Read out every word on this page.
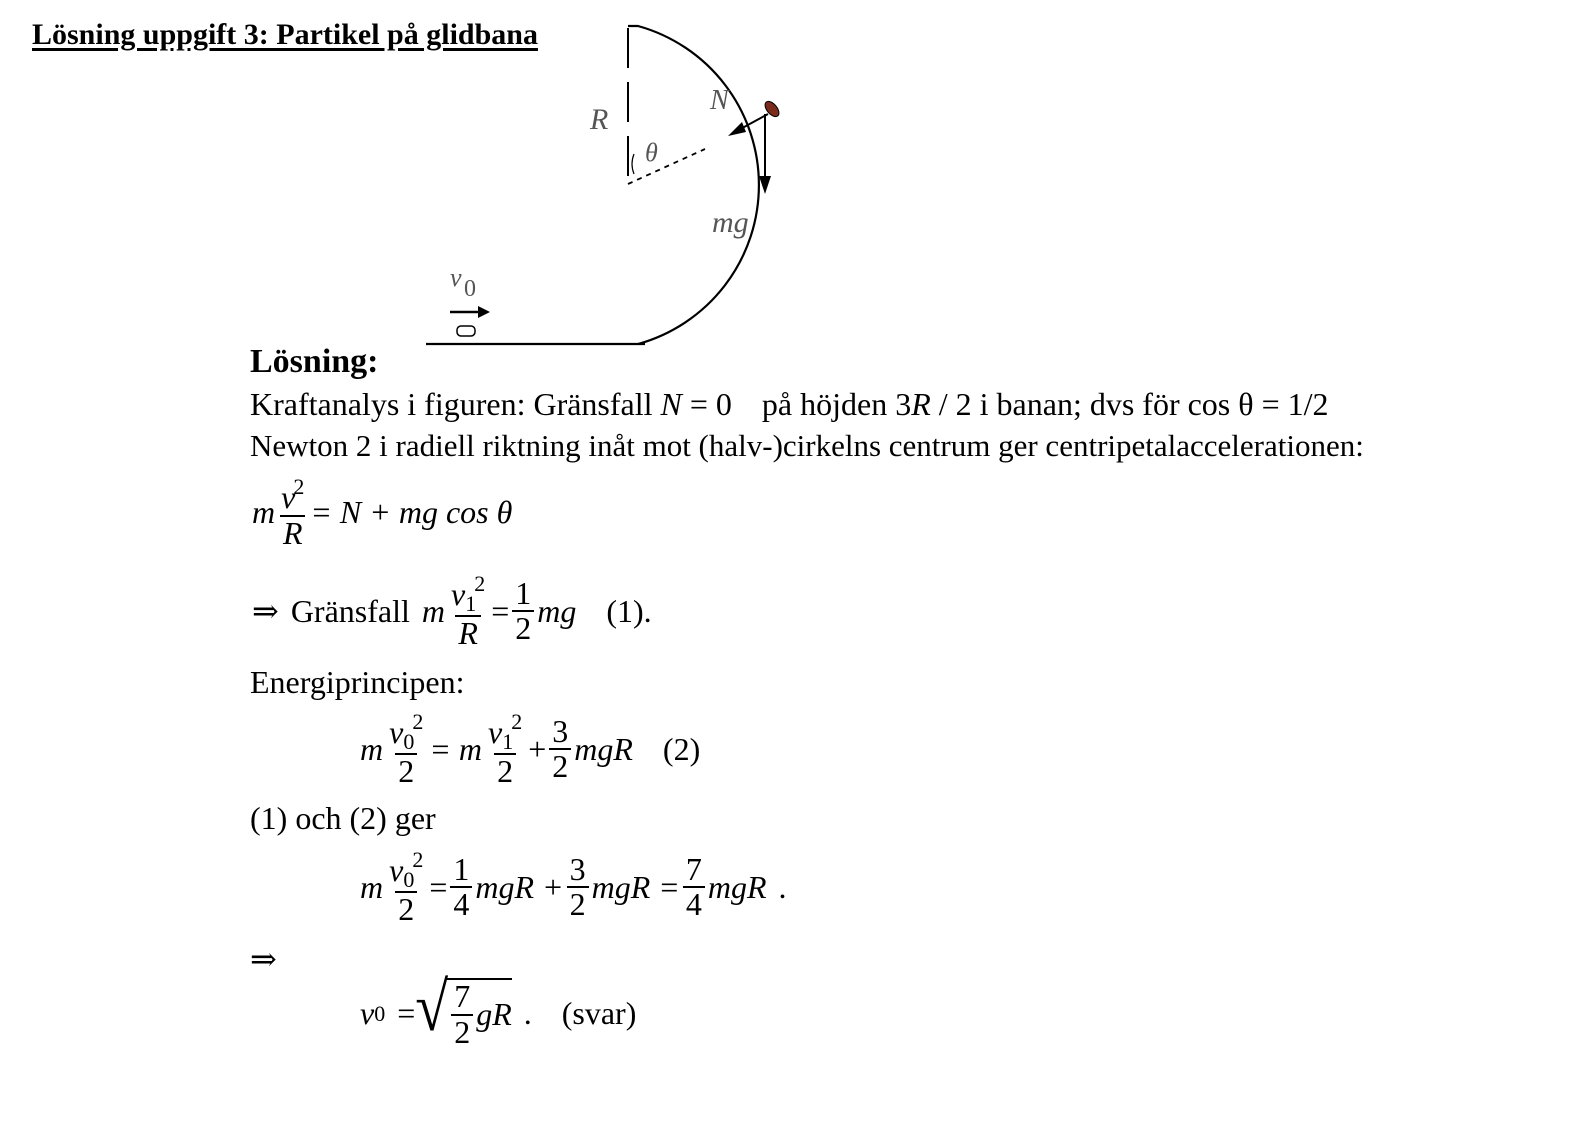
Lösning uppgift 3: Partikel på glidbana
R
N
θ
mg
v 0
Lösning:
Kraftanalys i figuren: Gränsfall N = 0 på höjden 3R / 2 i banan; dvs för cos θ = 1/2
Newton 2 i radiell riktning inåt mot (halv-)cirkelns centrum ger centripetalaccelerationen:
m $\frac{v^2}{R} = N$ + mg cos θ
⇒ Gränsfall m $\frac{v_1^2}{R} = \frac{1}{2}$ mg (1).
Energiprincipen:
m $\frac{v_0^2}{2} = m \frac{v_1^2}{2} + \frac{3}{2}$ mgR (2)
(1) och (2) ger
m $\frac{v_0^2}{2} = \frac{1}{4}$ mgR + $\frac{3}{2}$ mgR = $\frac{7}{4}$ mgR .
⇒
v 0 = √ $\frac{7}{2}$ gR . (svar)
